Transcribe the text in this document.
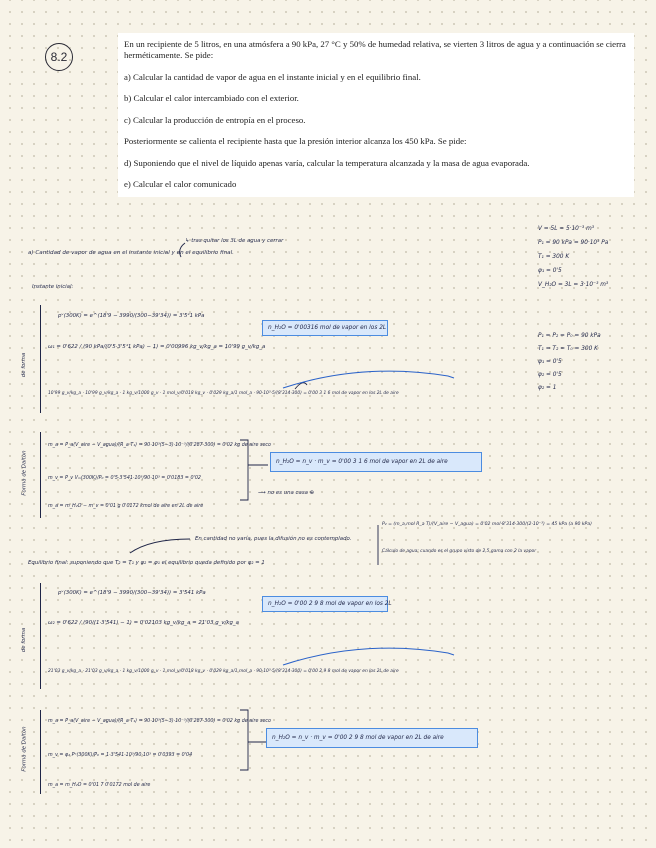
8.2

En un recipiente de 5 litros, en una atmósfera a 90 kPa, 27 °C y 50% de humedad relativa, se vierten 3 litros de agua y a continuación se cierra herméticamente. Se pide:

a) Calcular la cantidad de vapor de agua en el instante inicial y en el equilibrio final.

b) Calcular el calor intercambiado con el exterior.

c) Calcular la producción de entropía en el proceso.

Posteriormente se calienta el recipiente hasta que la presión interior alcanza los 450 kPa. Se pide:

d) Suponiendo que el nivel de líquido apenas varía, calcular la temperatura alcanzada y la masa de agua evaporada.

e) Calcular el calor comunicado

a) Cantidad de vapor de agua en el instante inicial y en el equilibrio final.
↳ tras quitar los 3L de agua y cerrar
V = 5L = 5·10⁻³ m³
P₁ = 90 kPa = 90·10³ Pa
T₁ = 300 K
φ₁ = 0'5
V_H₂O = 3L = 3·10⁻³ m³
P₁ = P₂ = P₀ = 90 kPa
T₁ = T₂ = T₀ = 300 K
φ₁ = 0'5
φ₂ = 0'5
φ₂ = 1
Instante inicial:
de forma
pᵛ(300K) = e^(18'9 − 3990/(300−39'34)) = 3'5⁴1 kPa
ω₁ = 0'622 / (90 kPa/(0'5·3'5⁴1 kPa) − 1) = 0'00996 kg_v/kg_a = 10'99 g_v/kg_a
n_H₂O = 0'00316 mol de vapor en los 2L
10'99 g_v/kg_a · 10'99 g_v/kg_a · 1 kg_v/1000 g_v · 1 mol_v/0'018 kg_v · 0'029 kg_a/1 mol_a · 90·10³·5/(8'314·300) = 0'00 3 1 6 mol de vapor en los 2L de aire
Forma de Dalton
m_a = P_a(V_aire − V_agua)/(R_a T₁) = 90·10³(5−3)·10⁻³/(0'287·300) = 0'02 kg de aire seco
m_v = P_v Vₘ(300K)/P₀ = 0'5·3'541·10³/90·10³ = 0'0183 = 0'02
m_a = m_H₂O − m_v = 0'01 g 0'0172 kmol de aire en 2L de aire
n_H₂O = n_v · m_v = 0'00 3 1 6 mol de vapor en 2L de aire
⟶ no es una casa ⊕
En cantidad no varía, pues la difusión no es contemplado.
Equilibrio final: suponiendo que T₂ = T₁ y φ₂ = φ₁ el equilibrio queda definido por φ₂ = 1
P₂ = (m_a,mol R_a T)/(V_aire − V_agua) = 0'02 mol·8'314·300/(2·10⁻³) = 45 kPa (a 90 kPa)
Cálculo de agua: cuando es el grupo visto de 2,5 gama con 2 la vapor
de forma
pᵛ(300K) = e^(18'9 − 3990/(300−39'34)) = 3'541 kPa
ω₂ = 0'622 / (90/(1·3'541) − 1) = 0'02103 kg_v/kg_a = 21'03 g_v/kg_a
n_H₂O = 0'00 2 9 8 mol de vapor en los 2L
21'03 g_v/kg_a · 21'03 g_v/kg_a · 1 kg_v/1000 g_v · 1 mol_v/0'018 kg_v · 0'029 kg_a/1 mol_a · 90·10³·5/(8'314·300) = 0'00 2 9 8 mol de vapor en los 2L de aire
Forma de Dalton
m_a = P_a(V_aire − V_agua)/(R_a T₁) = 90·10³(5−3)·10⁻³/(0'287·300) = 0'02 kg de aire seco
m_v = φ₂ Pᵛ(300K)/P₀ = 1·3'541·10³/90·10³ = 0'0393 = 0'04
m_a = m_H₂O = 0'01 7 0'0172 mol de aire
n_H₂O = n_v · m_v = 0'00 2 9 8 mol de vapor en 2L de aire
